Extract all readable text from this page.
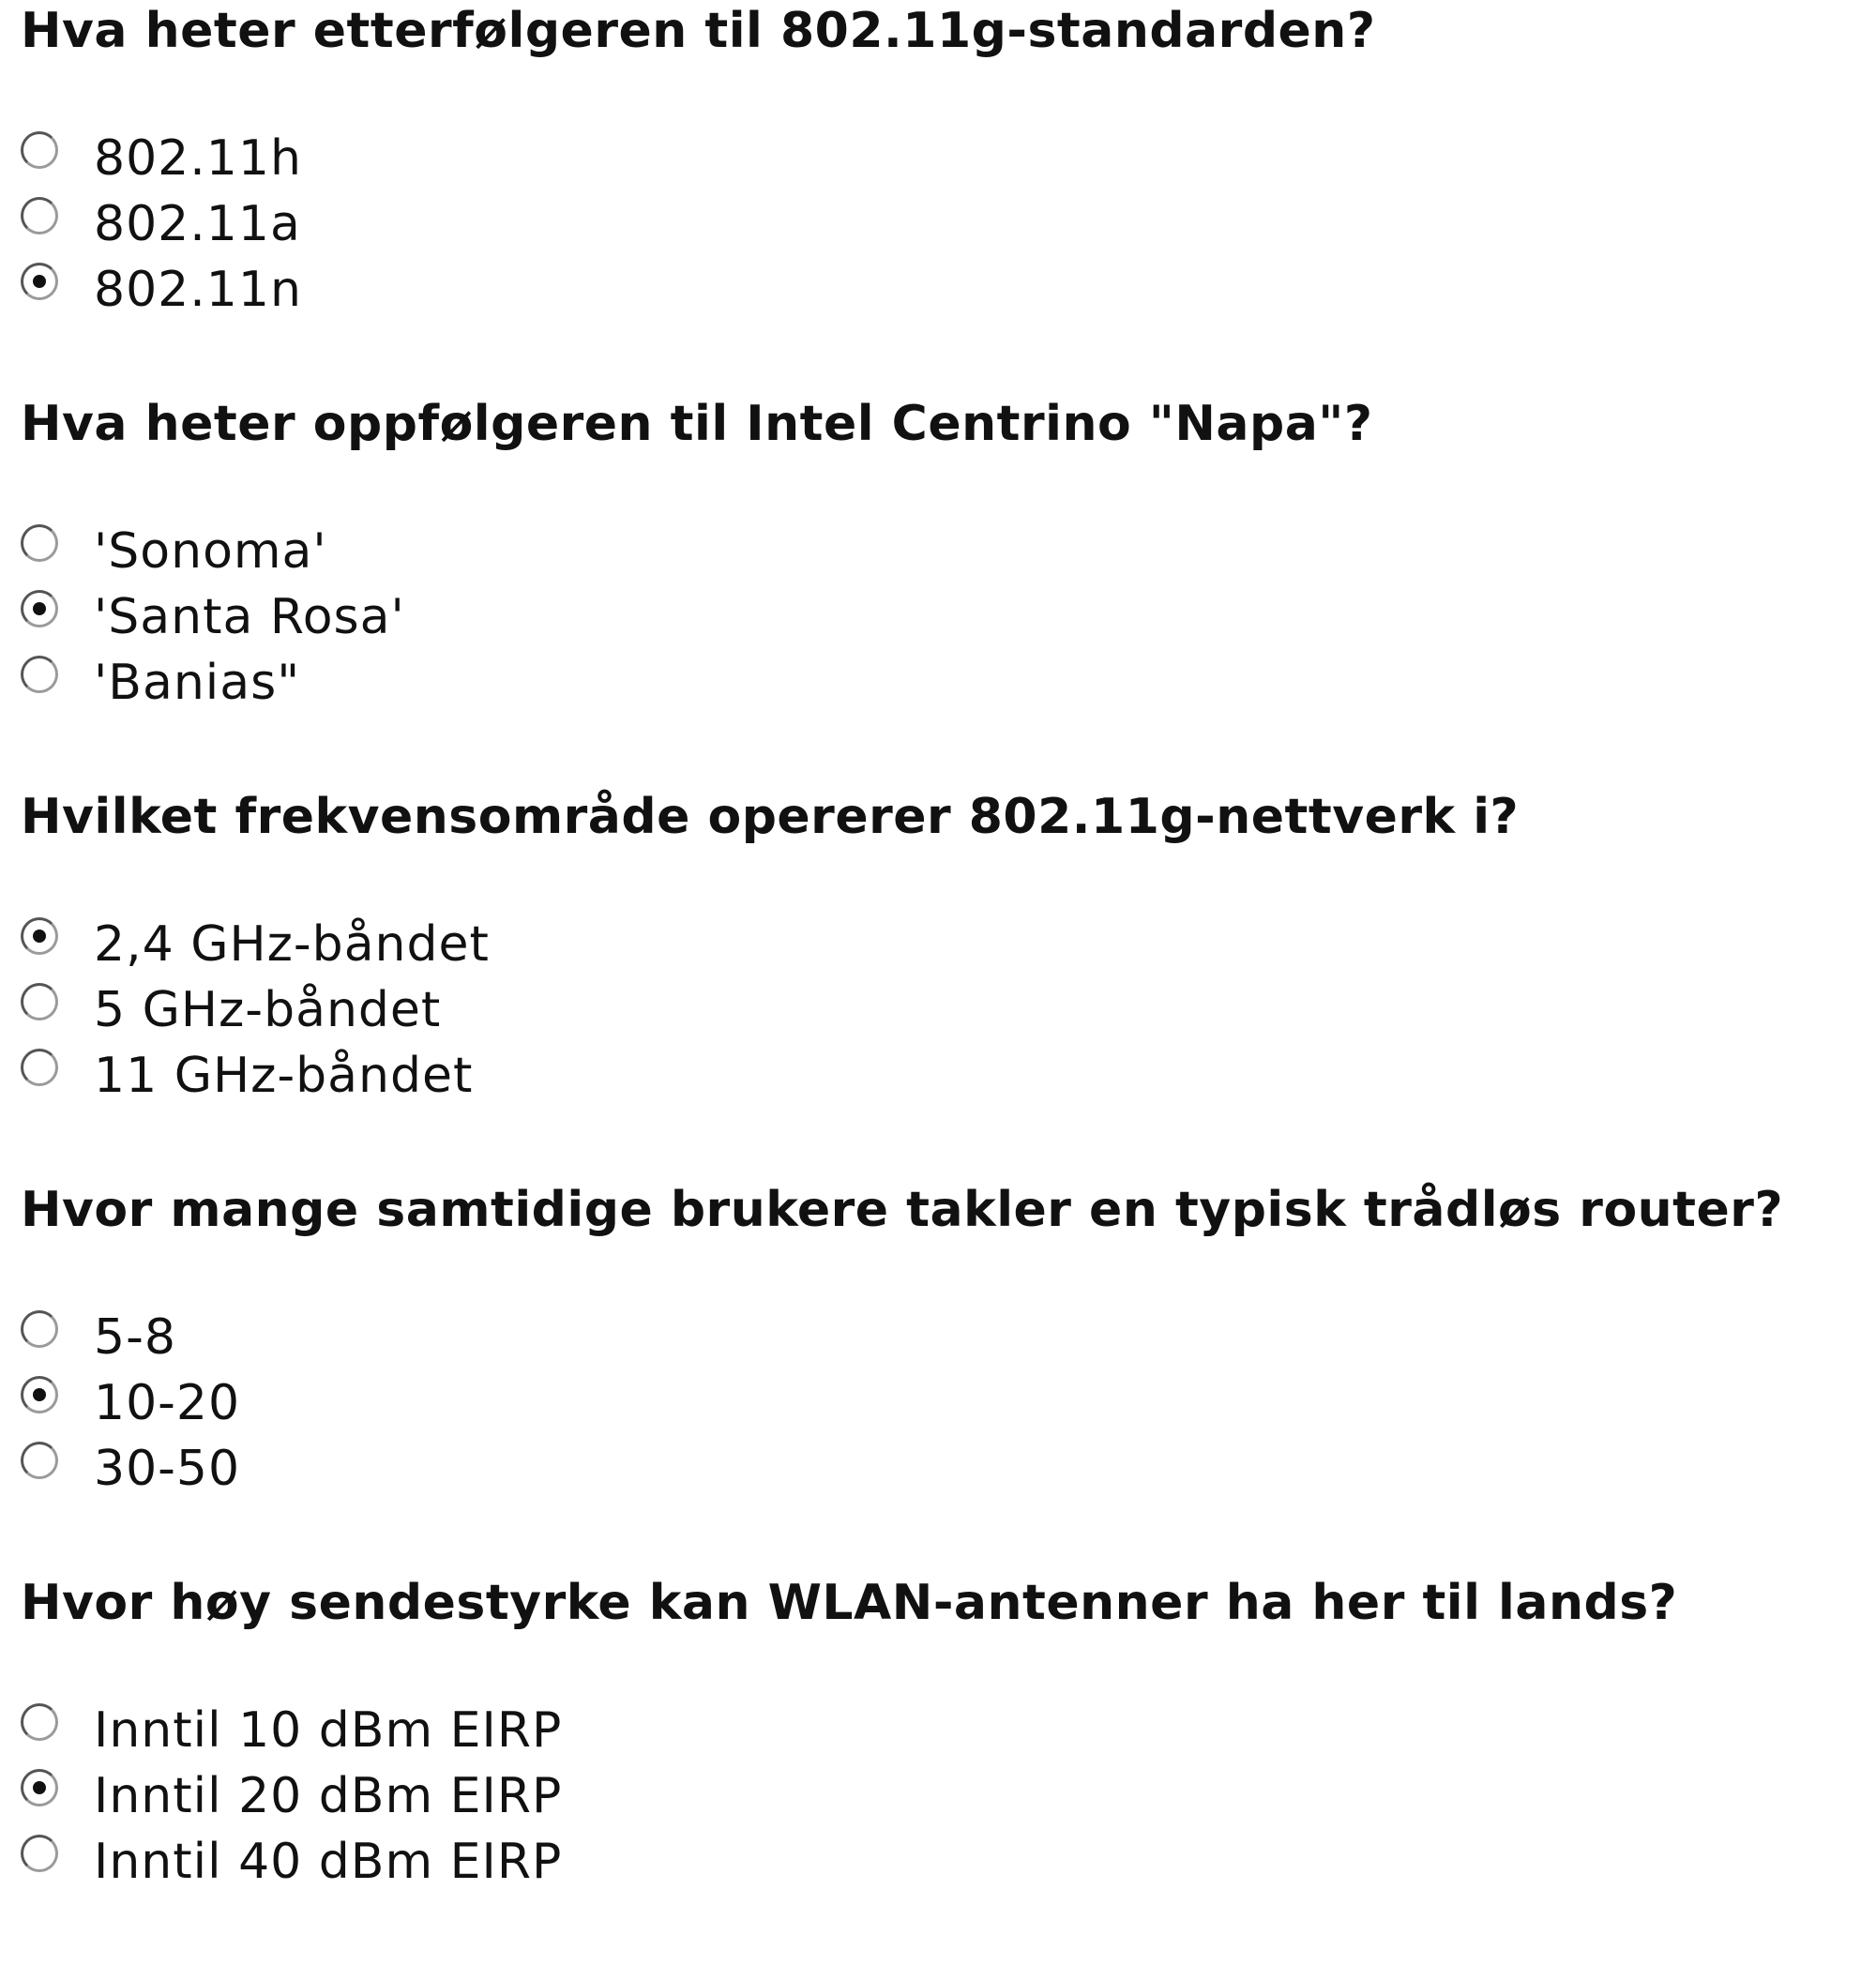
Hva heter etterfølgeren til 802.11g-standarden?

802.11h
802.11a
802.11n

Hva heter oppfølgeren til Intel Centrino "Napa"?

'Sonoma'
'Santa Rosa'
'Banias"

Hvilket frekvensområde opererer 802.11g-nettverk i?

2,4 GHz-båndet
5 GHz-båndet
11 GHz-båndet

Hvor mange samtidige brukere takler en typisk trådløs router?

5-8
10-20
30-50

Hvor høy sendestyrke kan WLAN-antenner ha her til lands?

Inntil 10 dBm EIRP
Inntil 20 dBm EIRP
Inntil 40 dBm EIRP
